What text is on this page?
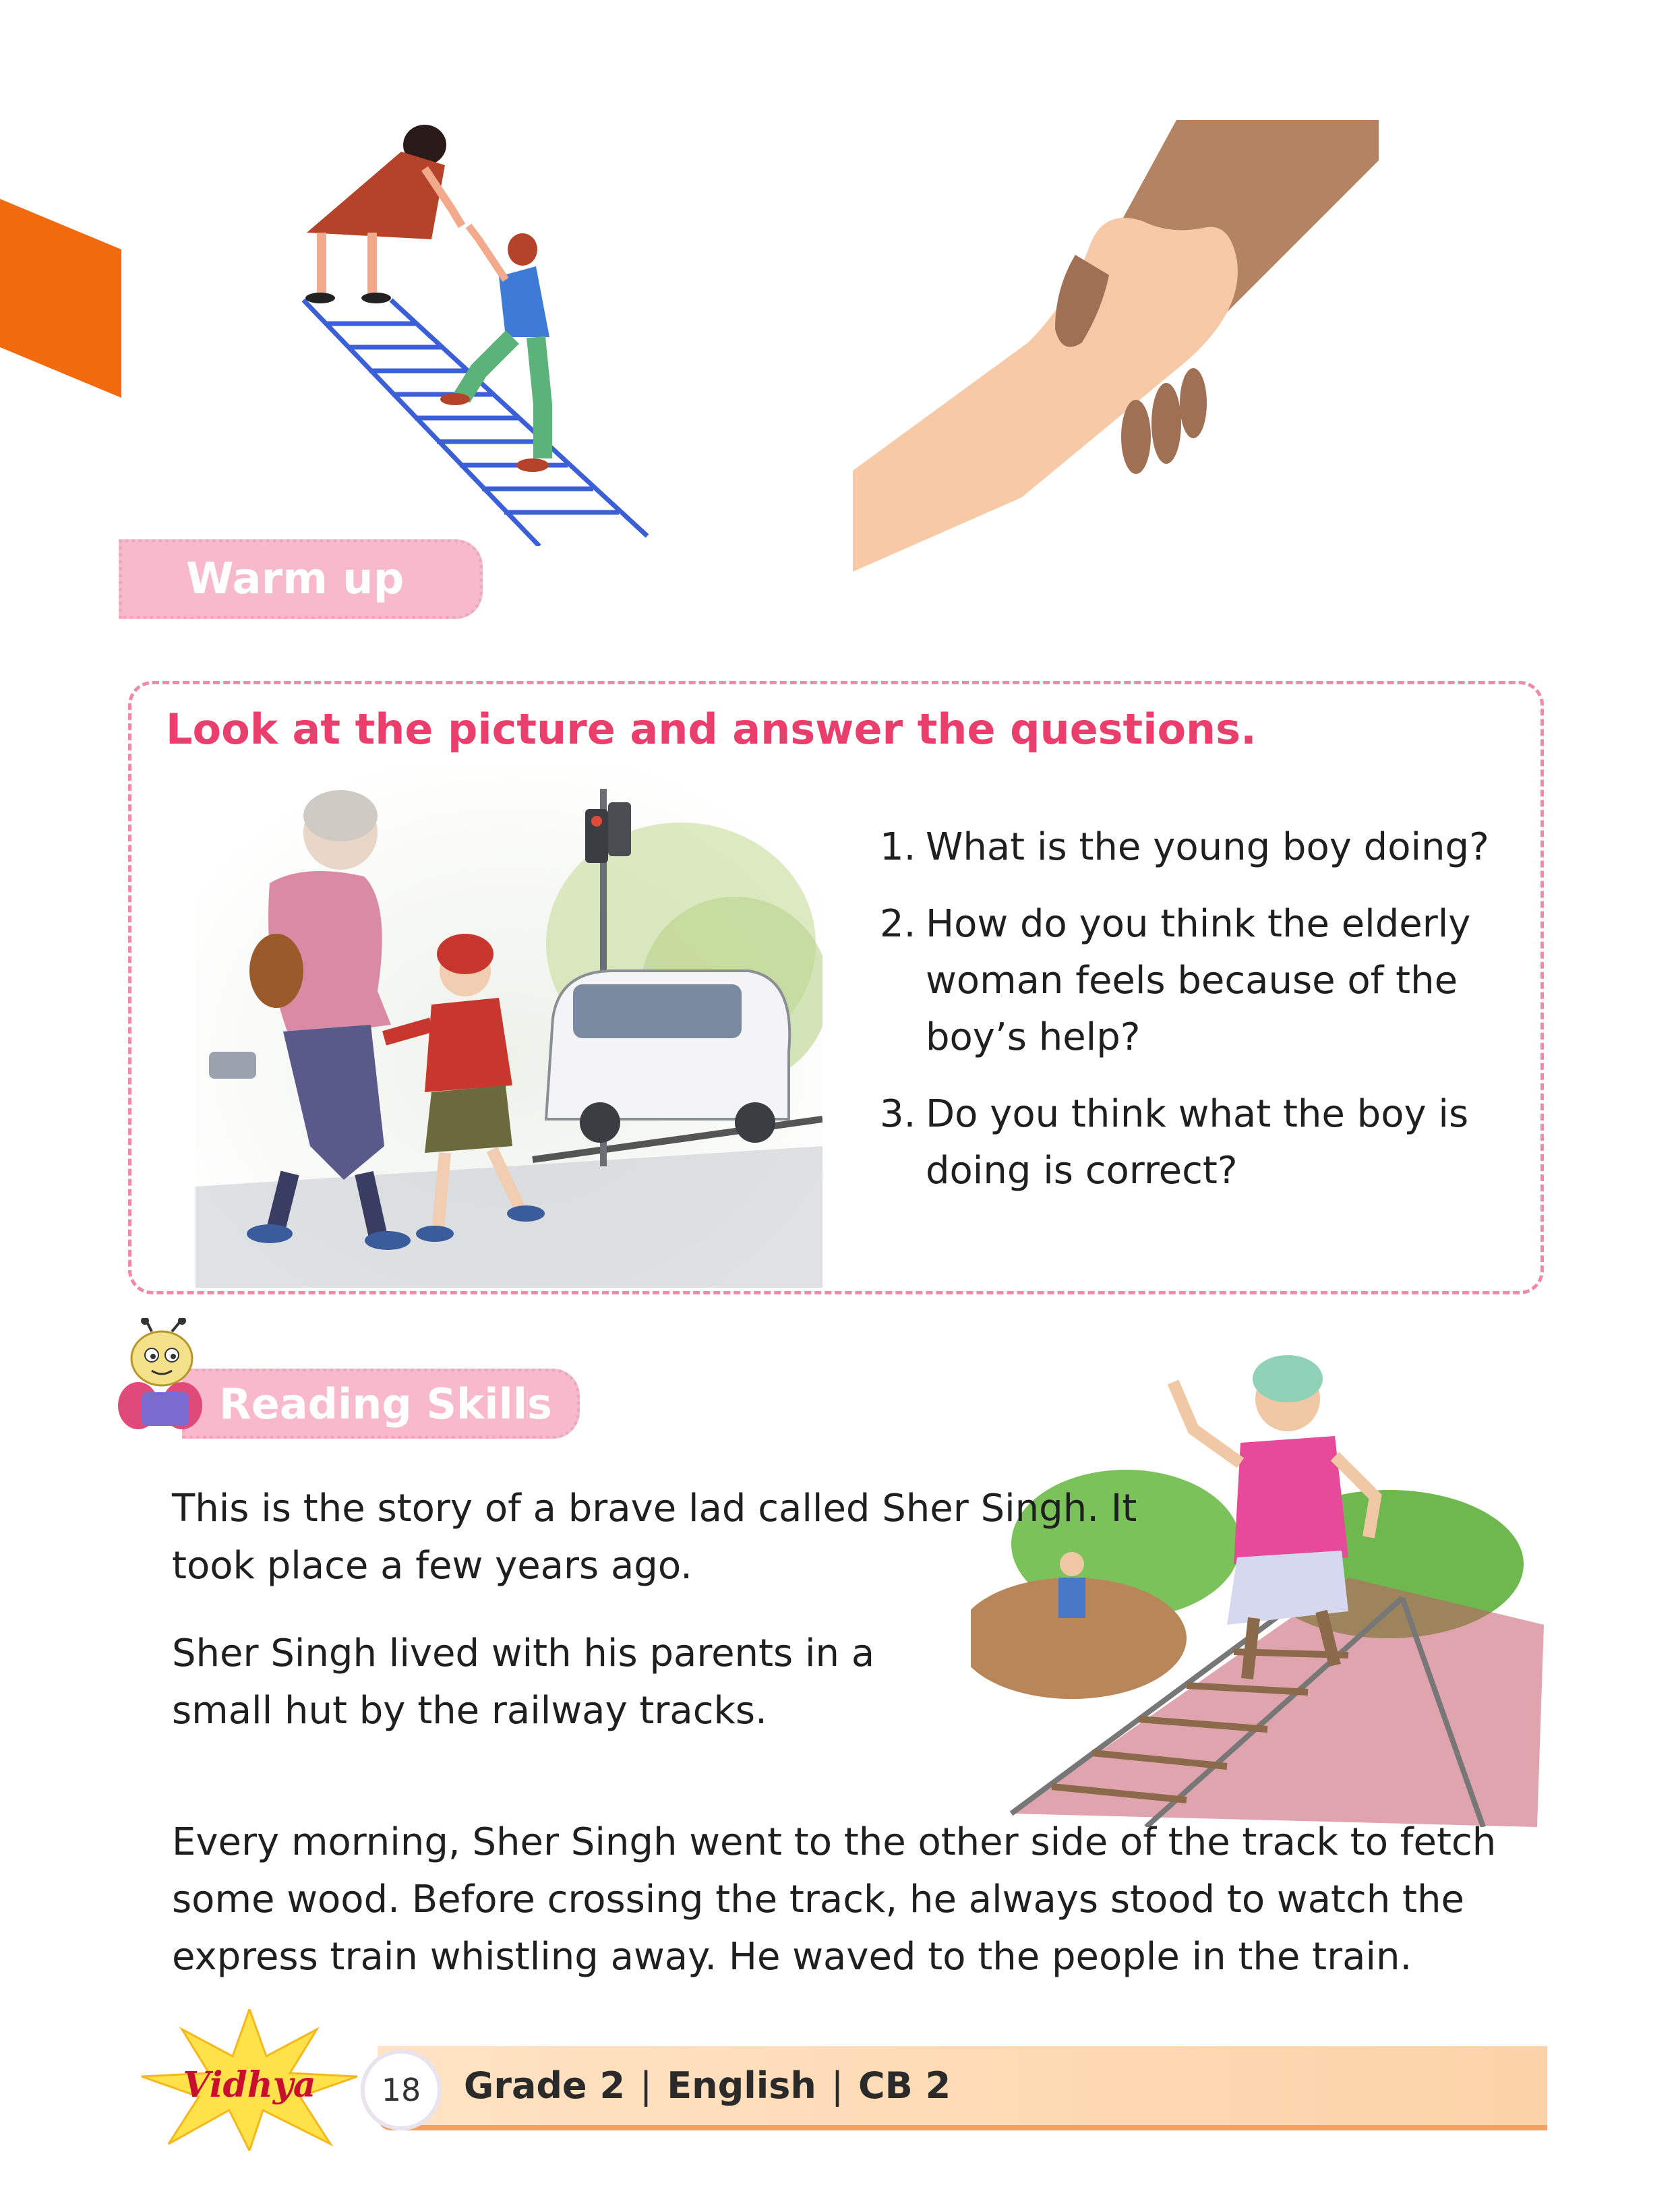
Warm up
Look at the picture and answer the questions.
1. What is the young boy doing?
2. How do you think the elderly woman feels because of the boy’s help?
3. Do you think what the boy is doing is correct?
Reading Skills

This is the story of a brave lad called Sher Singh. It took place a few years ago.

Sher Singh lived with his parents in a small hut by the railway tracks.

Every morning, Sher Singh went to the other side of the track to fetch some wood. Before crossing the track, he always stood to watch the express train whistling away. He waved to the people in the train.

Vidhya	18	Grade 2 | English | CB 2
